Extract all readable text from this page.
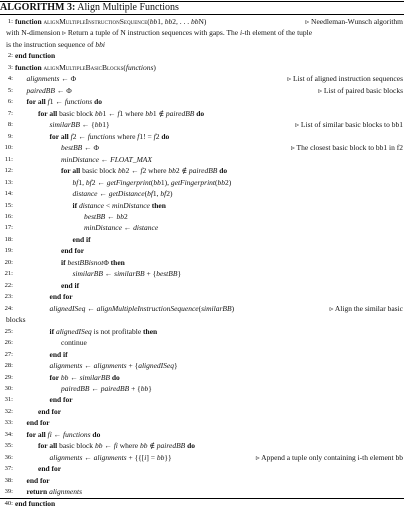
ALGORITHM 3: Align Multiple Functions
1: function alignMultipleInstructionSequence(bb1, bb2, . . . bbN)	▹ Needleman-Wunsch algorithm
with N-dimension ▹ Return a tuple of N instruction sequences with gaps. The i-th element of the tuple
is the instruction sequence of bbi
2: end function
3: function alignMultipleBasicBlocks(functions)
4: alignments ← Φ	▹ List of aligned instruction sequences
5: pairedBB ← Φ	▹ List of paired basic blocks
6: for all f1 ← functions do
7:	for all basic block bb1 ← f1 where bb1 ∉ pairedBB do
8:	similarBB ← {bb1}	▹ List of similar basic blocks to bb1
9:	for all f2 ← functions where f1! = f2 do
10:	bestBB ← Φ	▹ The closest basic block to bb1 in f2
11:	minDistance ← FLOAT_MAX
12:	for all basic block bb2 ← f2 where bb2 ∉ pairedBB do
13:	bf1, bf2 ← getFingerprint(bb1), getFingerprint(bb2)
14:	distance ← getDistance(bf1, bf2)
15:	if distance < minDistance then
16:	bestBB ← bb2
17:	minDistance ← distance
18:	end if
19:	end for
20:	if bestBBisnotΦ then
21:	similarBB ← similarBB + {bestBB}
22:	end if
23:	end for
24:	alignedISeq ← alignMultipleInstructionSequence(similarBB)	▹ Align the similar basic
blocks
25:	if alignedISeq is not profitable then
26:	continue
27:	end if
28:	alignments ← alignments + {alignedISeq}
29:	for bb ← similarBB do
30:	pairedBB ← pairedBB + {bb}
31:	end for
32:	end for
33: end for
34: for all fi ← functions do
35:	for all basic block bb ← fi where bb ∉ pairedBB do
36:	alignments ← alignments + {{[i] = bb}}	▹ Append a tuple only containing i-th element bb
37:	end for
38: end for
39: return alignments
40: end function
